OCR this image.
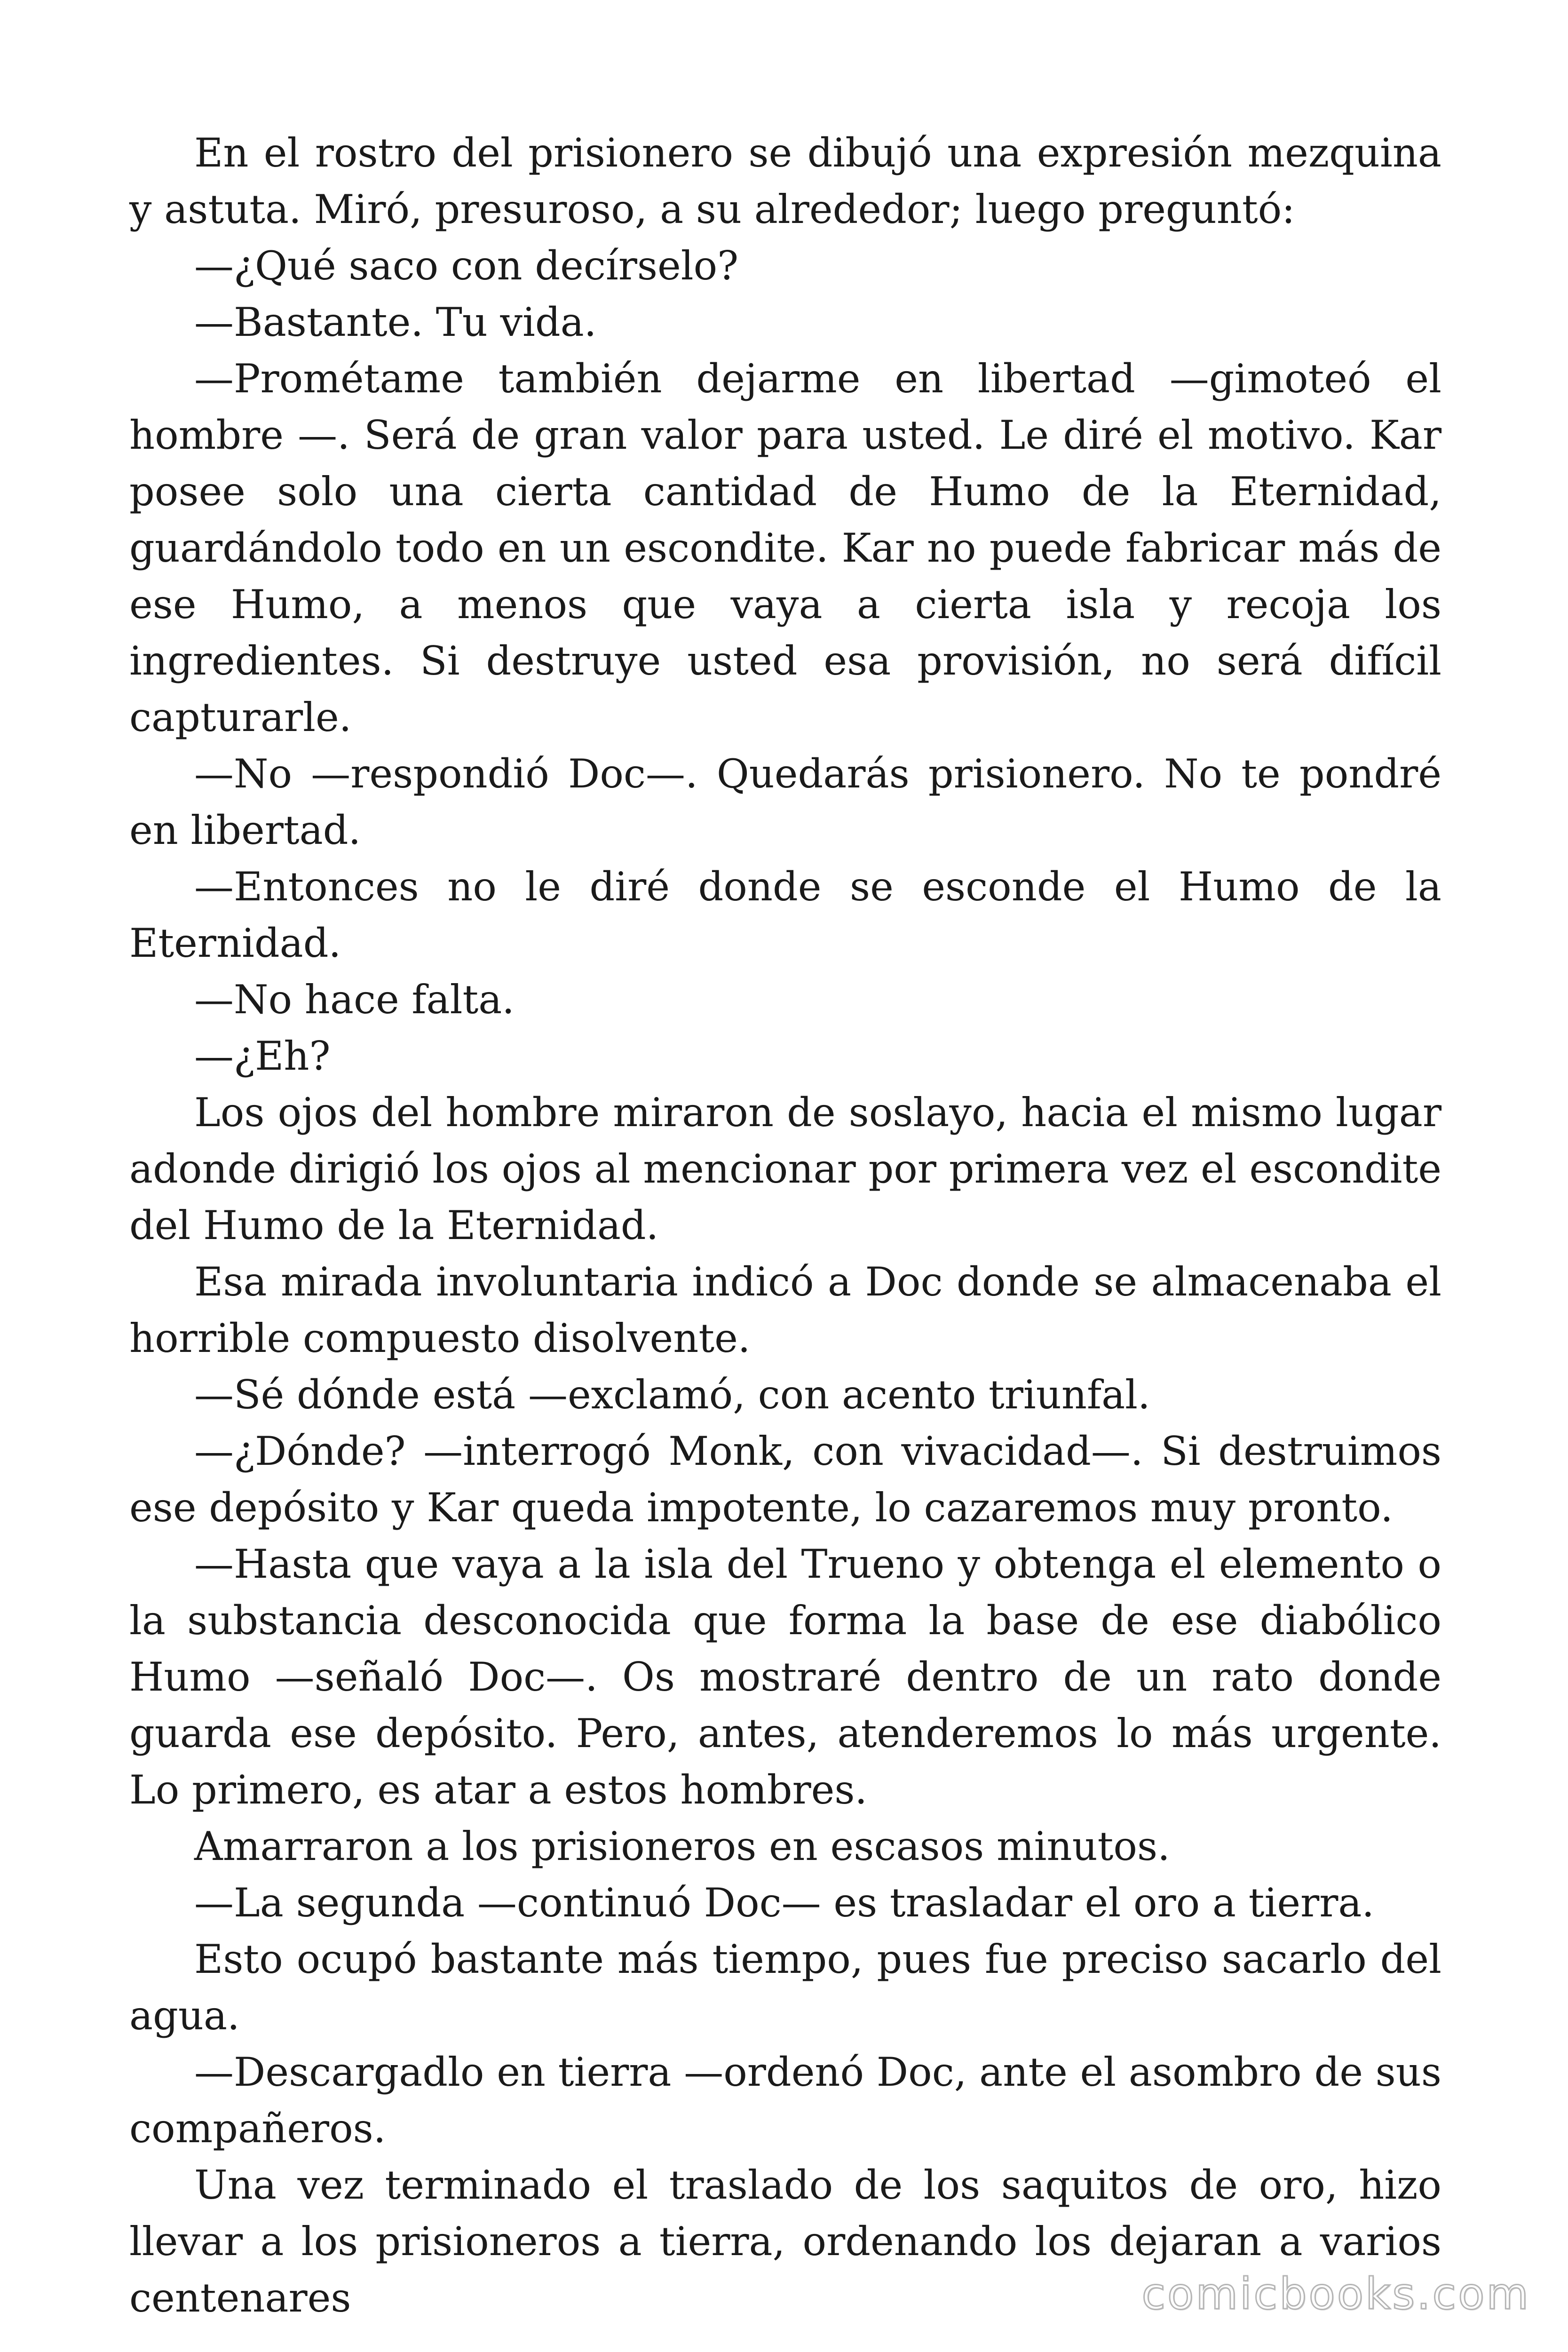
En el rostro del prisionero se dibujó una expresión mezquina y astuta. Miró, presuroso, a su alrededor; luego preguntó:

—¿Qué saco con decírselo?

—Bastante. Tu vida.

—Prométame también dejarme en libertad —gimoteó el hombre —. Será de gran valor para usted. Le diré el motivo. Kar posee solo una cierta cantidad de Humo de la Eternidad, guardándolo todo en un escondite. Kar no puede fabricar más de ese Humo, a menos que vaya a cierta isla y recoja los ingredientes. Si destruye usted esa provisión, no será difícil capturarle.

—No —respondió Doc—. Quedarás prisionero. No te pondré en libertad.

—Entonces no le diré donde se esconde el Humo de la Eternidad.

—No hace falta.

—¿Eh?

Los ojos del hombre miraron de soslayo, hacia el mismo lugar adonde dirigió los ojos al mencionar por primera vez el escondite del Humo de la Eternidad.

Esa mirada involuntaria indicó a Doc donde se almacenaba el horrible compuesto disolvente.

—Sé dónde está —exclamó, con acento triunfal.

—¿Dónde? —interrogó Monk, con vivacidad—. Si destruimos ese depósito y Kar queda impotente, lo cazaremos muy pronto.

—Hasta que vaya a la isla del Trueno y obtenga el elemento o la substancia desconocida que forma la base de ese diabólico Humo —señaló Doc—. Os mostraré dentro de un rato donde guarda ese depósito. Pero, antes, atenderemos lo más urgente. Lo primero, es atar a estos hombres.

Amarraron a los prisioneros en escasos minutos.

—La segunda —continuó Doc— es trasladar el oro a tierra.

Esto ocupó bastante más tiempo, pues fue preciso sacarlo del agua.

—Descargadlo en tierra —ordenó Doc, ante el asombro de sus compañeros.

Una vez terminado el traslado de los saquitos de oro, hizo llevar a los prisioneros a tierra, ordenando los dejaran a varios centenares	comicbooks.com
